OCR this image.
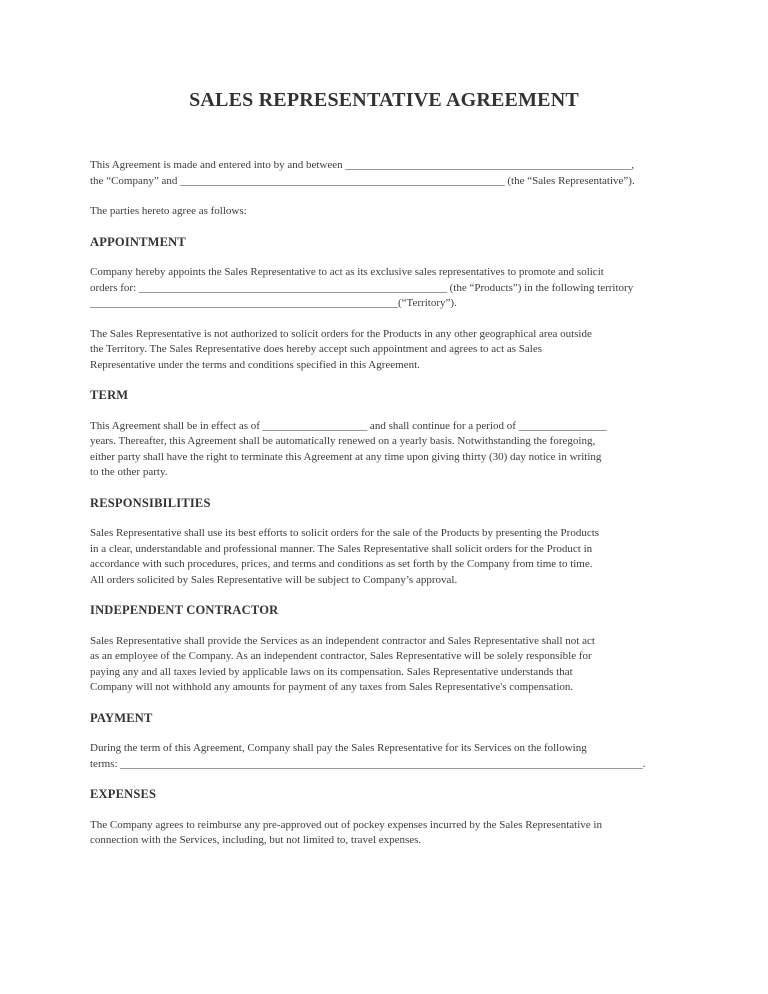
SALES REPRESENTATIVE AGREEMENT
This Agreement is made and entered into by and between ____________________________________________________,
the “Company” and ___________________________________________________________ (the “Sales Representative”).
The parties hereto agree as follows:
APPOINTMENT
Company hereby appoints the Sales Representative to act as its exclusive sales representatives to promote and solicit
orders for: ________________________________________________________ (the “Products”) in the following territory
________________________________________________________(“Territory”).
The Sales Representative is not authorized to solicit orders for the Products in any other geographical area outside
the Territory. The Sales Representative does hereby accept such appointment and agrees to act as Sales
Representative under the terms and conditions specified in this Agreement.
TERM
This Agreement shall be in effect as of ___________________ and shall continue for a period of ________________
years. Thereafter, this Agreement shall be automatically renewed on a yearly basis. Notwithstanding the foregoing,
either party shall have the right to terminate this Agreement at any time upon giving thirty (30) day notice in writing
to the other party.
RESPONSIBILITIES
Sales Representative shall use its best efforts to solicit orders for the sale of the Products by presenting the Products
in a clear, understandable and professional manner. The Sales Representative shall solicit orders for the Product in
accordance with such procedures, prices, and terms and conditions as set forth by the Company from time to time.
All orders solicited by Sales Representative will be subject to Company’s approval.
INDEPENDENT CONTRACTOR
Sales Representative shall provide the Services as an independent contractor and Sales Representative shall not act
as an employee of the Company. As an independent contractor, Sales Representative will be solely responsible for
paying any and all taxes levied by applicable laws on its compensation. Sales Representative understands that
Company will not withhold any amounts for payment of any taxes from Sales Representative's compensation.
PAYMENT
During the term of this Agreement, Company shall pay the Sales Representative for its Services on the following
terms: _______________________________________________________________________________________________.
EXPENSES
The Company agrees to reimburse any pre-approved out of pockey expenses incurred by the Sales Representative in
connection with the Services, including, but not limited to, travel expenses.
